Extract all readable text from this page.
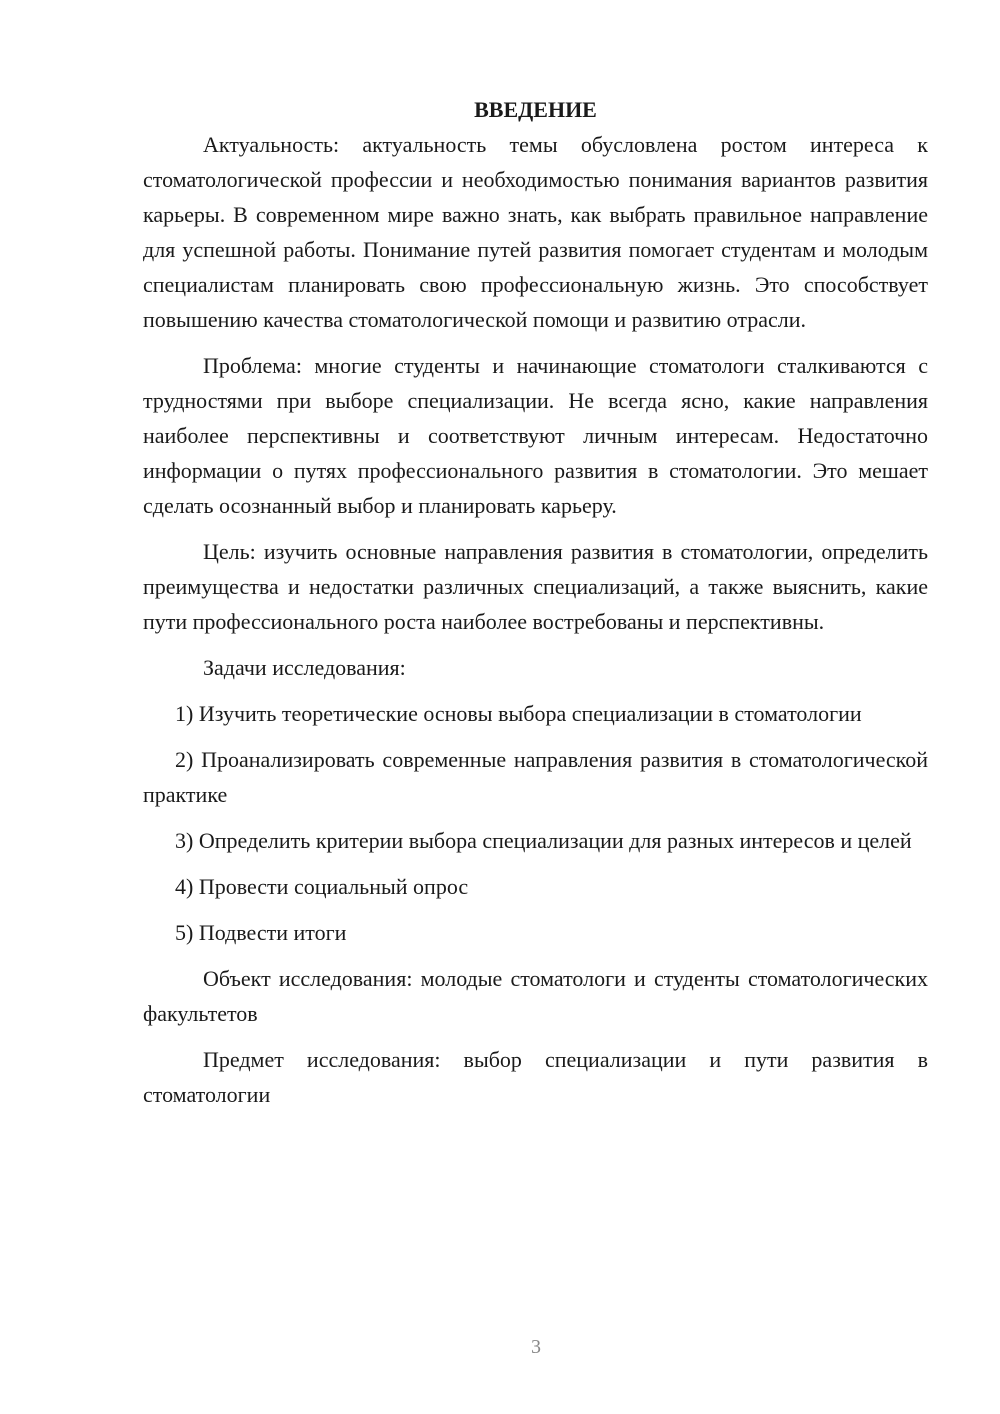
ВВЕДЕНИЕ

Актуальность: актуальность темы обусловлена ростом интереса к стоматологической профессии и необходимостью понимания вариантов развития карьеры. В современном мире важно знать, как выбрать правильное направление для успешной работы. Понимание путей развития помогает студентам и молодым специалистам планировать свою профессиональную жизнь. Это способствует повышению качества стоматологической помощи и развитию отрасли.

Проблема: многие студенты и начинающие стоматологи сталкиваются с трудностями при выборе специализации. Не всегда ясно, какие направления наиболее перспективны и соответствуют личным интересам. Недостаточно информации о путях профессионального развития в стоматологии. Это мешает сделать осознанный выбор и планировать карьеру.

Цель: изучить основные направления развития в стоматологии, определить преимущества и недостатки различных специализаций, а также выяснить, какие пути профессионального роста наиболее востребованы и перспективны.

Задачи исследования:

1) Изучить теоретические основы выбора специализации в стоматологии

2) Проанализировать современные направления развития в стоматологической практике

3) Определить критерии выбора специализации для разных интересов и целей

4) Провести социальный опрос

5) Подвести итоги

Объект исследования: молодые стоматологи и студенты стоматологических факультетов

Предмет исследования: выбор специализации и пути развития в стоматологии

3
